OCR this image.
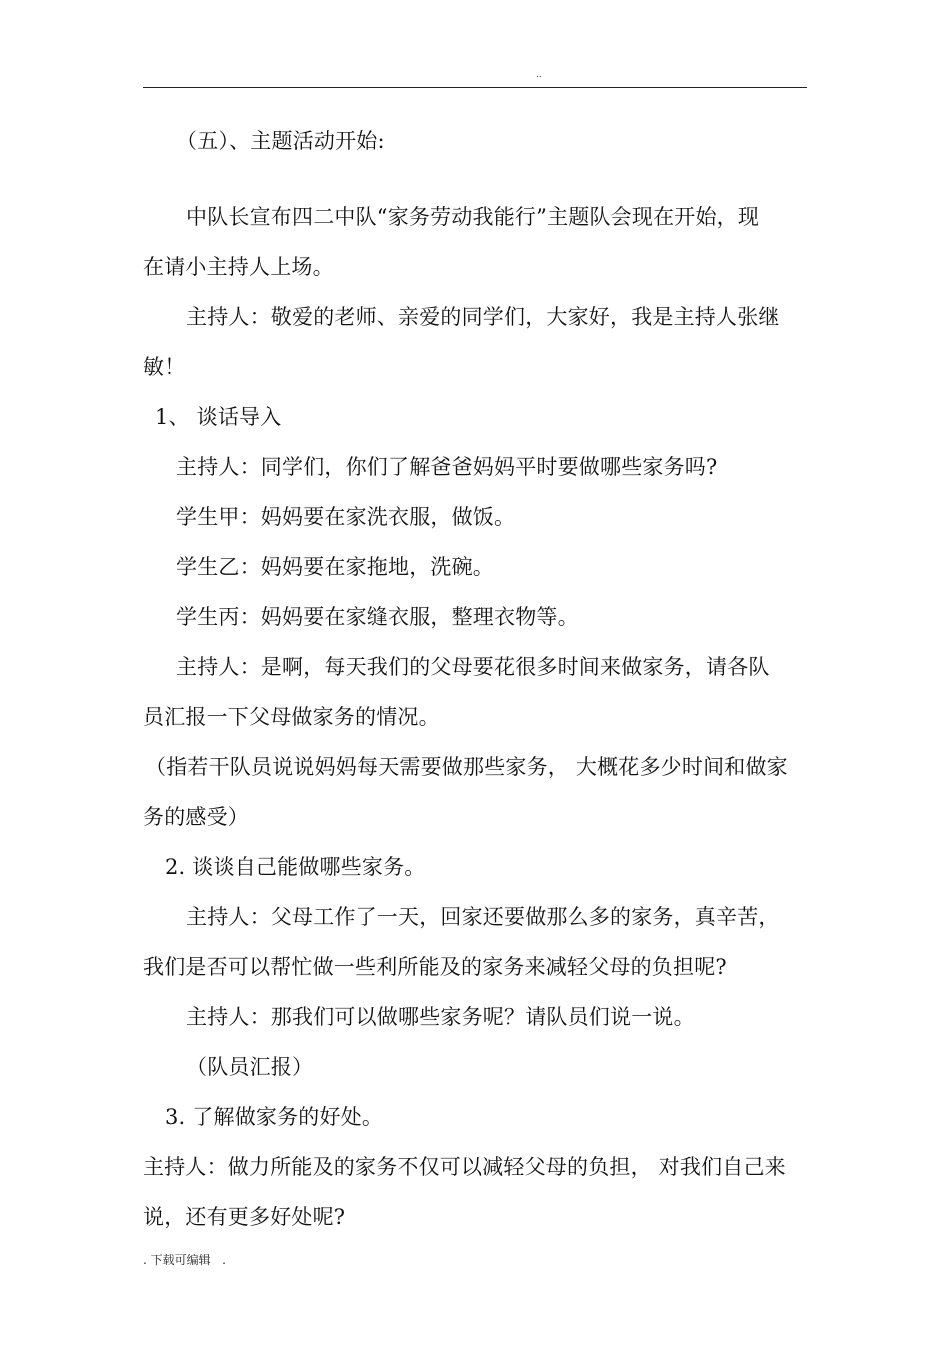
..
（五）、主题活动开始:
中队长宣布四二中队“家务劳动我能行”主题队会现在开始，现
在请小主持人上场。
主持人：敬爱的老师、亲爱的同学们，大家好，我是主持人张继
敏！
1、 谈话导入
主持人：同学们，你们了解爸爸妈妈平时要做哪些家务吗?
学生甲：妈妈要在家洗衣服，做饭。
学生乙：妈妈要在家拖地，洗碗。
学生丙：妈妈要在家缝衣服，整理衣物等。
主持人：是啊，每天我们的父母要花很多时间来做家务，请各队
员汇报一下父母做家务的情况。
（指若干队员说说妈妈每天需要做那些家务， 大概花多少时间和做家
务的感受）
2. 谈谈自己能做哪些家务。
主持人：父母工作了一天，回家还要做那么多的家务，真辛苦，
我们是否可以帮忙做一些利所能及的家务来减轻父母的负担呢?
主持人：那我们可以做哪些家务呢？请队员们说一说。
（队员汇报）
3. 了解做家务的好处。
主持人：做力所能及的家务不仅可以减轻父母的负担， 对我们自己来
说，还有更多好处呢?
. 下载可编辑   .
